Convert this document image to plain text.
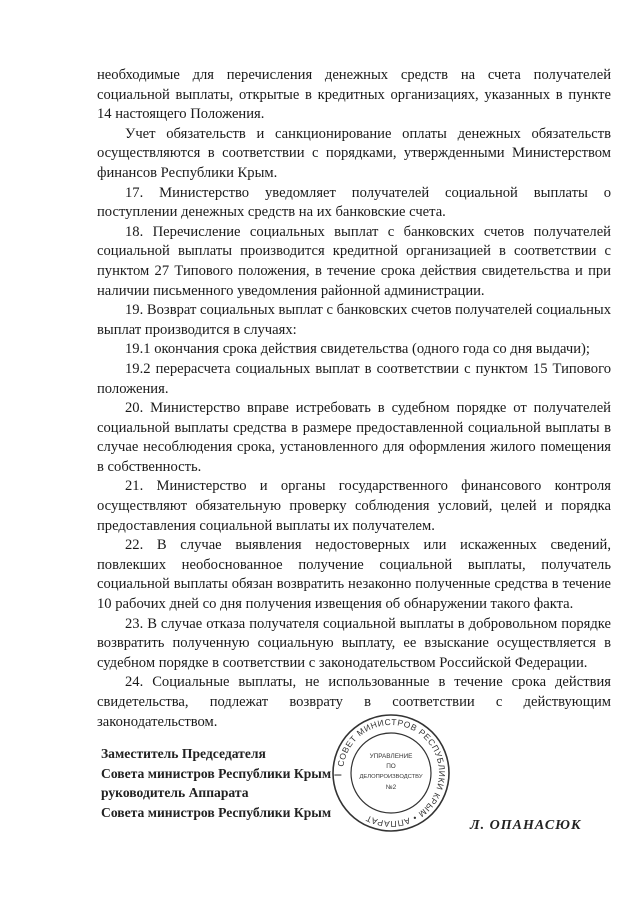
необходимые для перечисления денежных средств на счета получателей социальной выплаты, открытые в кредитных организациях, указанных в пункте 14 настоящего Положения.

Учет обязательств и санкционирование оплаты денежных обязательств осуществляются в соответствии с порядками, утвержденными Министерством финансов Республики Крым.

17. Министерство уведомляет получателей социальной выплаты о поступлении денежных средств на их банковские счета.

18. Перечисление социальных выплат с банковских счетов получателей социальной выплаты производится кредитной организацией в соответствии с пунктом 27 Типового положения, в течение срока действия свидетельства и при наличии письменного уведомления районной администрации.

19. Возврат социальных выплат с банковских счетов получателей социальных выплат производится в случаях:

19.1 окончания срока действия свидетельства (одного года со дня выдачи);

19.2 перерасчета социальных выплат в соответствии с пунктом 15 Типового положения.

20. Министерство вправе истребовать в судебном порядке от получателей социальной выплаты средства в размере предоставленной социальной выплаты в случае несоблюдения срока, установленного для оформления жилого помещения в собственность.

21. Министерство и органы государственного финансового контроля осуществляют обязательную проверку соблюдения условий, целей и порядка предоставления социальной выплаты их получателем.

22. В случае выявления недостоверных или искаженных сведений, повлекших необоснованное получение социальной выплаты, получатель социальной выплаты обязан возвратить незаконно полученные средства в течение 10 рабочих дней со дня получения извещения об обнаружении такого факта.

23. В случае отказа получателя социальной выплаты в добровольном порядке возвратить полученную социальную выплату, ее взыскание осуществляется в судебном порядке в соответствии с законодательством Российской Федерации.

24. Социальные выплаты, не использованные в течение срока действия свидетельства, подлежат возврату в соответствии с действующим законодательством.

Заместитель Председателя
Совета министров Республики Крым –
руководитель Аппарата
Совета министров Республики Крым
СОВЕТ МИНИСТРОВ РЕСПУБЛИКИ КРЫМ • АППАРАТ
УПРАВЛЕНИЕ
ПО
ДЕЛОПРОИЗВОДСТВУ
№2
Л. ОПАНАСЮК
